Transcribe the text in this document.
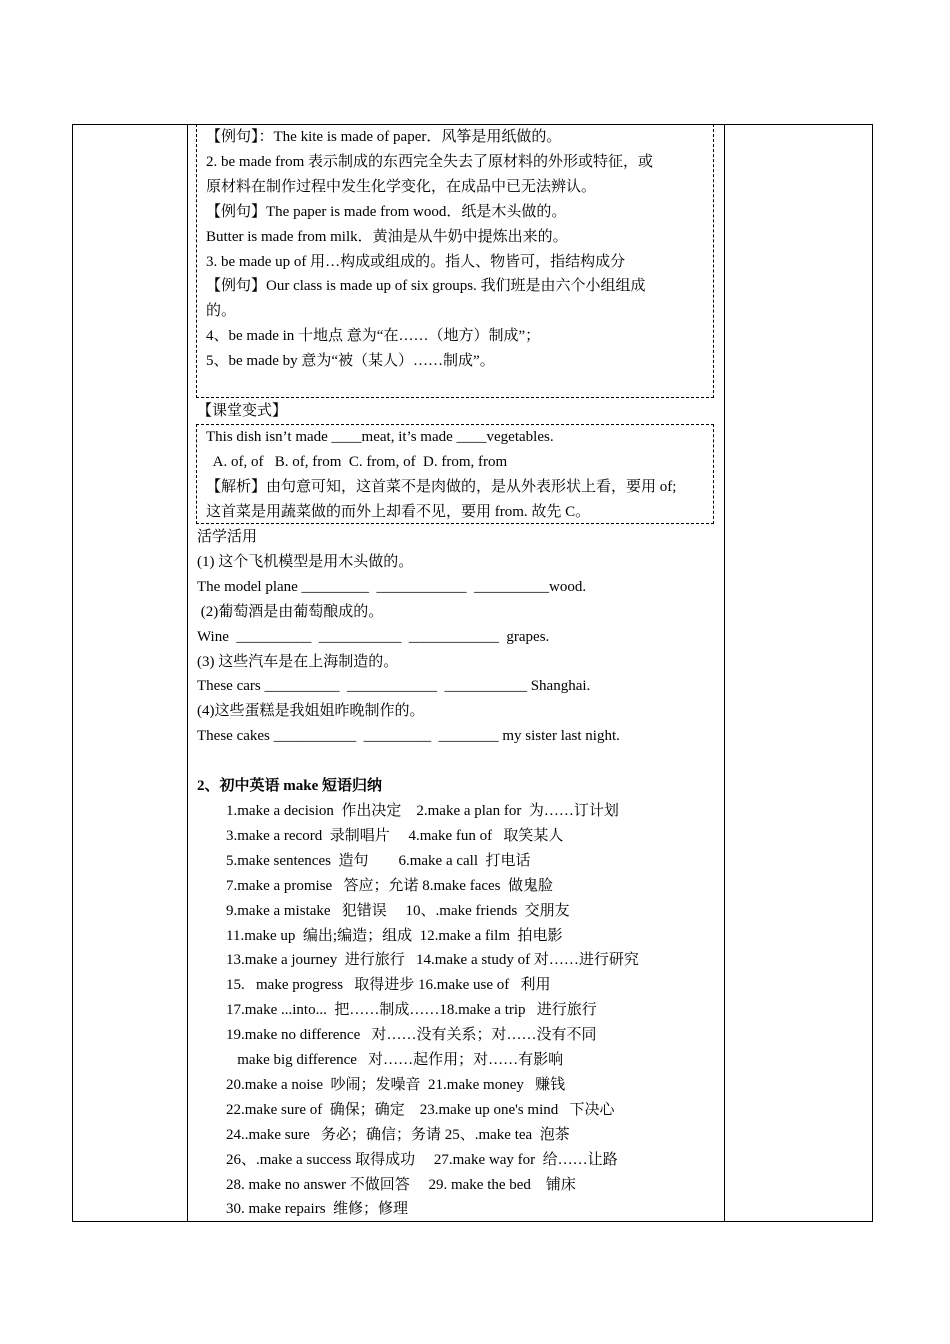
【例句】：The kite is made of paper．风筝是用纸做的。
2. be made from 表示制成的东西完全失去了原材料的外形或特征，或
原材料在制作过程中发生化学变化，在成品中已无法辨认。
【例句】The paper is made from wood．纸是木头做的。
Butter is made from milk．黄油是从牛奶中提炼出来的。
3. be made up of 用…构成或组成的。指人、物皆可，指结构成分
【例句】Our class is made up of six groups. 我们班是由六个小组组成
的。
4、be made in 十地点 意为“在……（地方）制成”；
5、be made by 意为“被（某人）……制成”。
【课堂变式】
This dish isn’t made ____meat, it’s made ____vegetables.
A. of, of   B. of, from  C. from, of  D. from, from
【解析】由句意可知，这首菜不是肉做的，是从外表形状上看，要用 of;
这首菜是用蔬菜做的而外上却看不见，要用 from. 故先 C。
活学活用
(1) 这个飞机模型是用木头做的。
The model plane _________  ____________  __________wood.
(2)葡萄酒是由葡萄酿成的。
Wine  __________  ___________  ____________  grapes.
(3) 这些汽车是在上海制造的。
These cars __________  ____________  ___________ Shanghai.
(4)这些蛋糕是我姐姐昨晚制作的。
These cakes ___________  _________  ________ my sister last night.
2、初中英语 make 短语归纳
1.make a decision  作出决定    2.make a plan for  为……订计划
3.make a record  录制唱片     4.make fun of   取笑某人
5.make sentences  造句        6.make a call  打电话
7.make a promise   答应；允诺 8.make faces  做鬼脸
9.make a mistake   犯错误     10、.make friends  交朋友
11.make up  编出;编造；组成  12.make a film  拍电影
13.make a journey  进行旅行   14.make a study of 对……进行研究
15.   make progress   取得进步 16.make use of   利用
17.make ...into...  把……制成……18.make a trip   进行旅行
19.make no difference   对……没有关系；对……没有不同
make big difference   对……起作用；对……有影响
20.make a noise  吵闹；发噪音  21.make money   赚钱
22.make sure of  确保；确定    23.make up one's mind   下决心
24..make sure   务必；确信；务请 25、.make tea  泡茶
26、.make a success 取得成功     27.make way for  给……让路
28. make no answer 不做回答     29. make the bed    铺床
30. make repairs  维修；修理
